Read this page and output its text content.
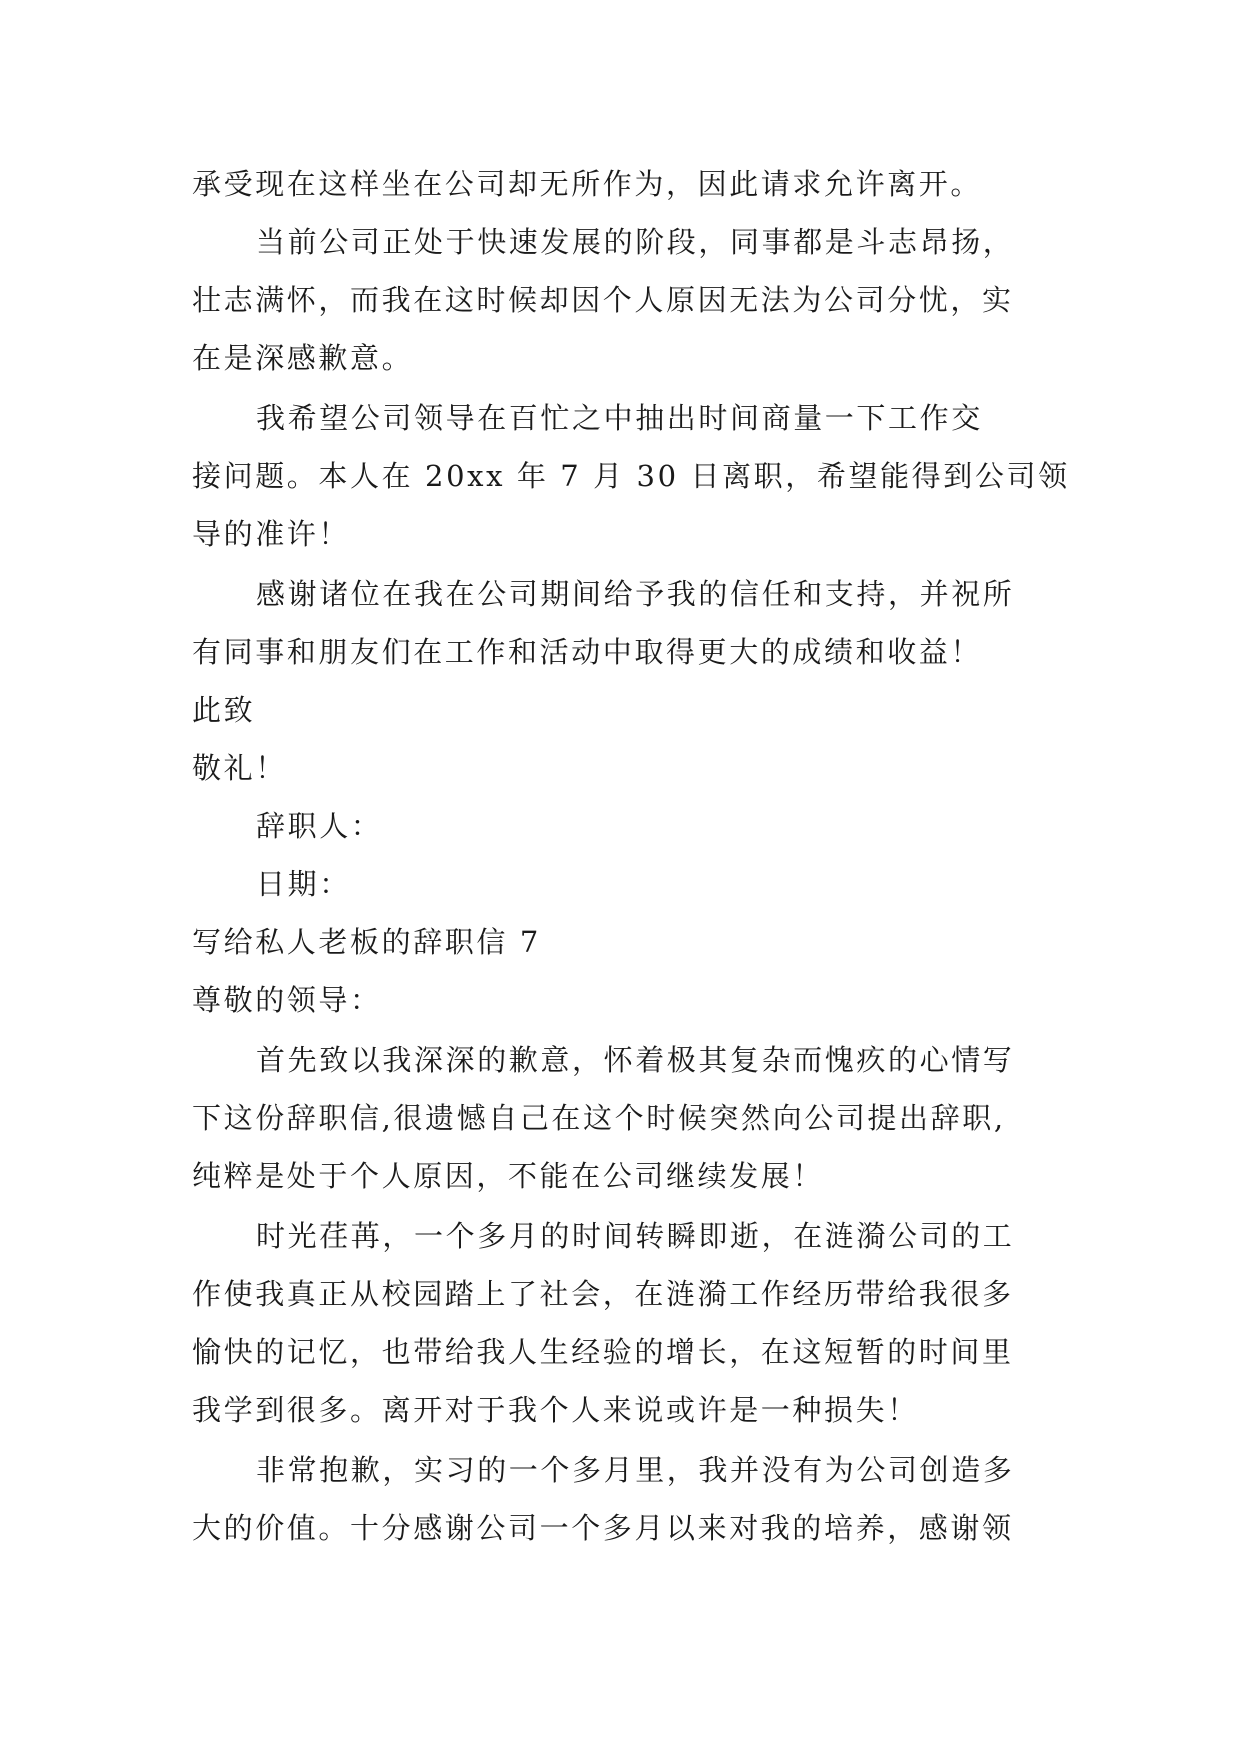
承受现在这样坐在公司却无所作为，因此请求允许离开。
当前公司正处于快速发展的阶段，同事都是斗志昂扬，
壮志满怀，而我在这时候却因个人原因无法为公司分忧，实
在是深感歉意。
我希望公司领导在百忙之中抽出时间商量一下工作交
接问题。本人在 20xx 年 7 月 30 日离职，希望能得到公司领
导的准许！
感谢诸位在我在公司期间给予我的信任和支持，并祝所
有同事和朋友们在工作和活动中取得更大的成绩和收益！
此致
敬礼！
辞职人：
日期：
写给私人老板的辞职信 7
尊敬的领导：
首先致以我深深的歉意，怀着极其复杂而愧疚的心情写
下这份辞职信,很遗憾自己在这个时候突然向公司提出辞职,
纯粹是处于个人原因，不能在公司继续发展！
时光荏苒，一个多月的时间转瞬即逝，在涟漪公司的工
作使我真正从校园踏上了社会，在涟漪工作经历带给我很多
愉快的记忆，也带给我人生经验的增长，在这短暂的时间里
我学到很多。离开对于我个人来说或许是一种损失！
非常抱歉，实习的一个多月里，我并没有为公司创造多
大的价值。十分感谢公司一个多月以来对我的培养，感谢领
